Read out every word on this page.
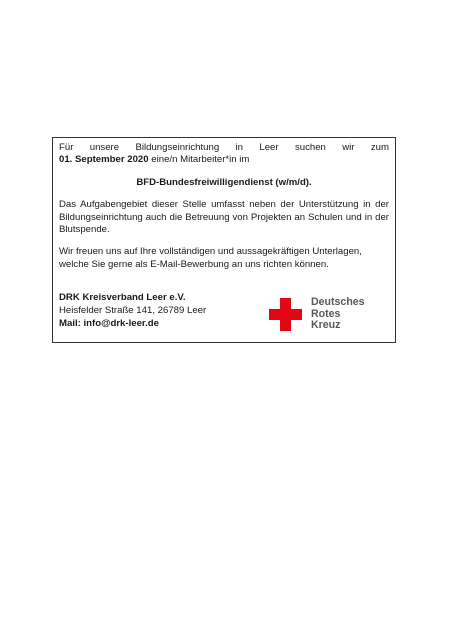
Für unsere Bildungseinrichtung in Leer suchen wir zum
01. September 2020 eine/n Mitarbeiter*in im

BFD-Bundesfreiwilligendienst (w/m/d).

Das Aufgabengebiet dieser Stelle umfasst neben der Unterstützung in der Bildungseinrichtung auch die Betreuung von Projekten an Schulen und in der Blutspende.

Wir freuen uns auf Ihre vollständigen und aussagekräftigen Unterlagen, welche Sie gerne als E-Mail-Bewerbung an uns richten können.

DRK Kreisverband Leer e.V.
Heisfelder Straße 141, 26789 Leer
Mail: info@drk-leer.de
Deutsches
Rotes
Kreuz
